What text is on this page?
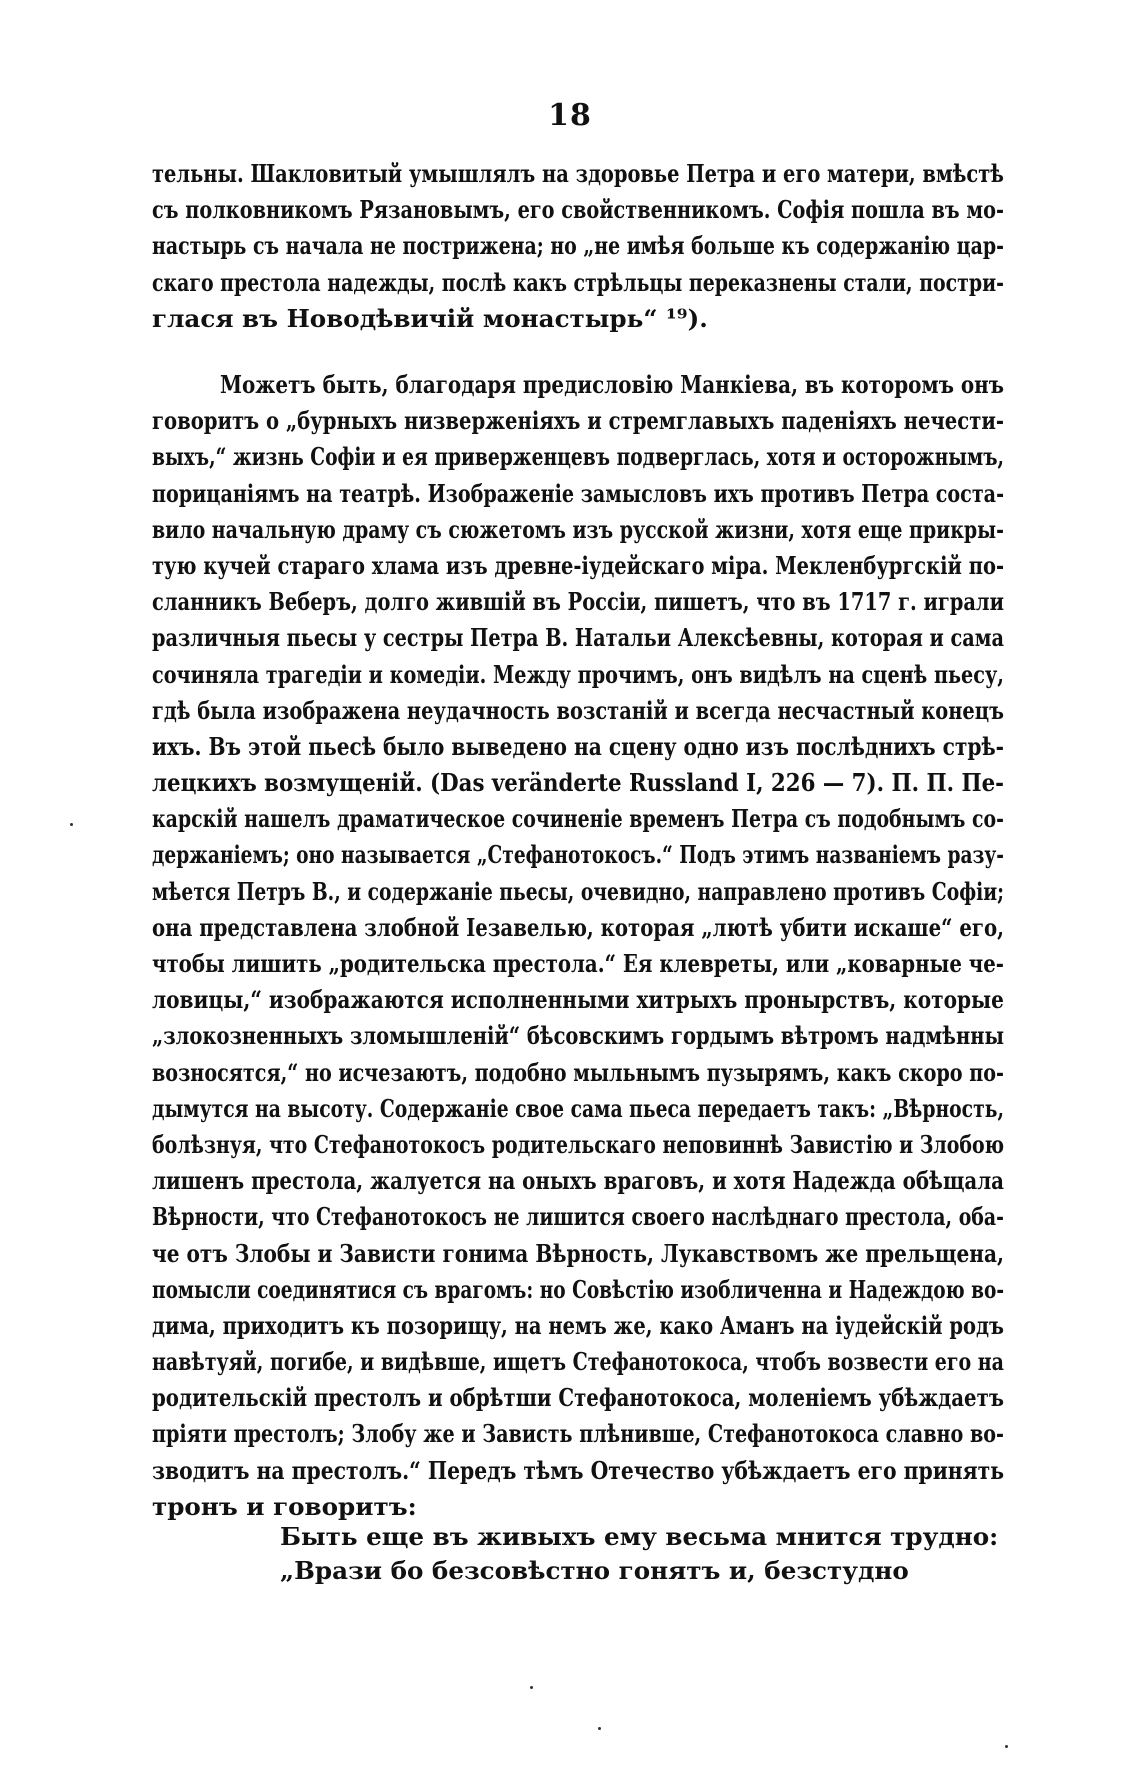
18
тельны. Шакловитый умышлялъ на здоровье Петра и его матери, вмѣстѣ
съ полковникомъ Рязановымъ, его свойственникомъ. Софія пошла въ мо-
настырь съ начала не пострижена; но „не имѣя больше къ содержанію цар-
скаго престола надежды, послѣ какъ стрѣльцы переказнены стали, постри-
глася въ Новодѣвичій монастырь“ ¹⁹).
Можетъ быть, благодаря предисловію Манкіева, въ которомъ онъ
говоритъ о „бурныхъ низверженіяхъ и стремглавыхъ паденіяхъ нечести-
выхъ,“ жизнь Софіи и ея приверженцевъ подверглась, хотя и осторожнымъ,
порицаніямъ на театрѣ. Изображеніе замысловъ ихъ противъ Петра соста-
вило начальную драму съ сюжетомъ изъ русской жизни, хотя еще прикры-
тую кучей стараго хлама изъ древне-іудейскаго міра. Мекленбургскій по-
сланникъ Веберъ, долго жившій въ Россіи, пишетъ, что въ 1717 г. играли
различныя пьесы у сестры Петра В. Натальи Алексѣевны, которая и сама
сочиняла трагедіи и комедіи. Между прочимъ, онъ видѣлъ на сценѣ пьесу,
гдѣ была изображена неудачность возстаній и всегда несчастный конецъ
ихъ. Въ этой пьесѣ было выведено на сцену одно изъ послѣднихъ стрѣ-
лецкихъ возмущеній. (Das veränderte Russland I, 226 — 7). П. П. Пе-
карскій нашелъ драматическое сочиненіе временъ Петра съ подобнымъ со-
держаніемъ; оно называется „Стефанотокосъ.“ Подъ этимъ названіемъ разу-
мѣется Петръ В., и содержаніе пьесы, очевидно, направлено противъ Софіи;
она представлена злобной Іезавелью, которая „лютѣ убити искаше“ его,
чтобы лишить „родительска престола.“ Ея клевреты, или „коварные че-
ловицы,“ изображаются исполненными хитрыхъ пронырствъ, которые
„злокозненныхъ зломышленій“ бѣсовскимъ гордымъ вѣтромъ надмѣнны
возносятся,“ но исчезаютъ, подобно мыльнымъ пузырямъ, какъ скоро по-
дымутся на высоту. Содержаніе свое сама пьеса передаетъ такъ: „Вѣрность,
болѣзнуя, что Стефанотокосъ родительскаго неповиннѣ Завистію и Злобою
лишенъ престола, жалуется на оныхъ враговъ, и хотя Надежда обѣщала
Вѣрности, что Стефанотокосъ не лишится своего наслѣднаго престола, оба-
че отъ Злобы и Зависти гонима Вѣрность, Лукавствомъ же прельщена,
помысли соединятися съ врагомъ: но Совѣстію изобличенна и Надеждою во-
дима, приходитъ къ позорищу, на немъ же, како Аманъ на іудейскій родъ
навѣтуяй, погибе, и видѣвше, ищетъ Стефанотокоса, чтобъ возвести его на
родительскій престолъ и обрѣтши Стефанотокоса, моленіемъ убѣждаетъ
пріяти престолъ; Злобу же и Зависть плѣнивше, Стефанотокоса славно во-
зводитъ на престолъ.“ Передъ тѣмъ Отечество убѣждаетъ его принять
тронъ и говоритъ:
Быть еще въ живыхъ ему весьма мнится трудно:
„Врази бо безсовѣстно гонятъ и, безстудно
